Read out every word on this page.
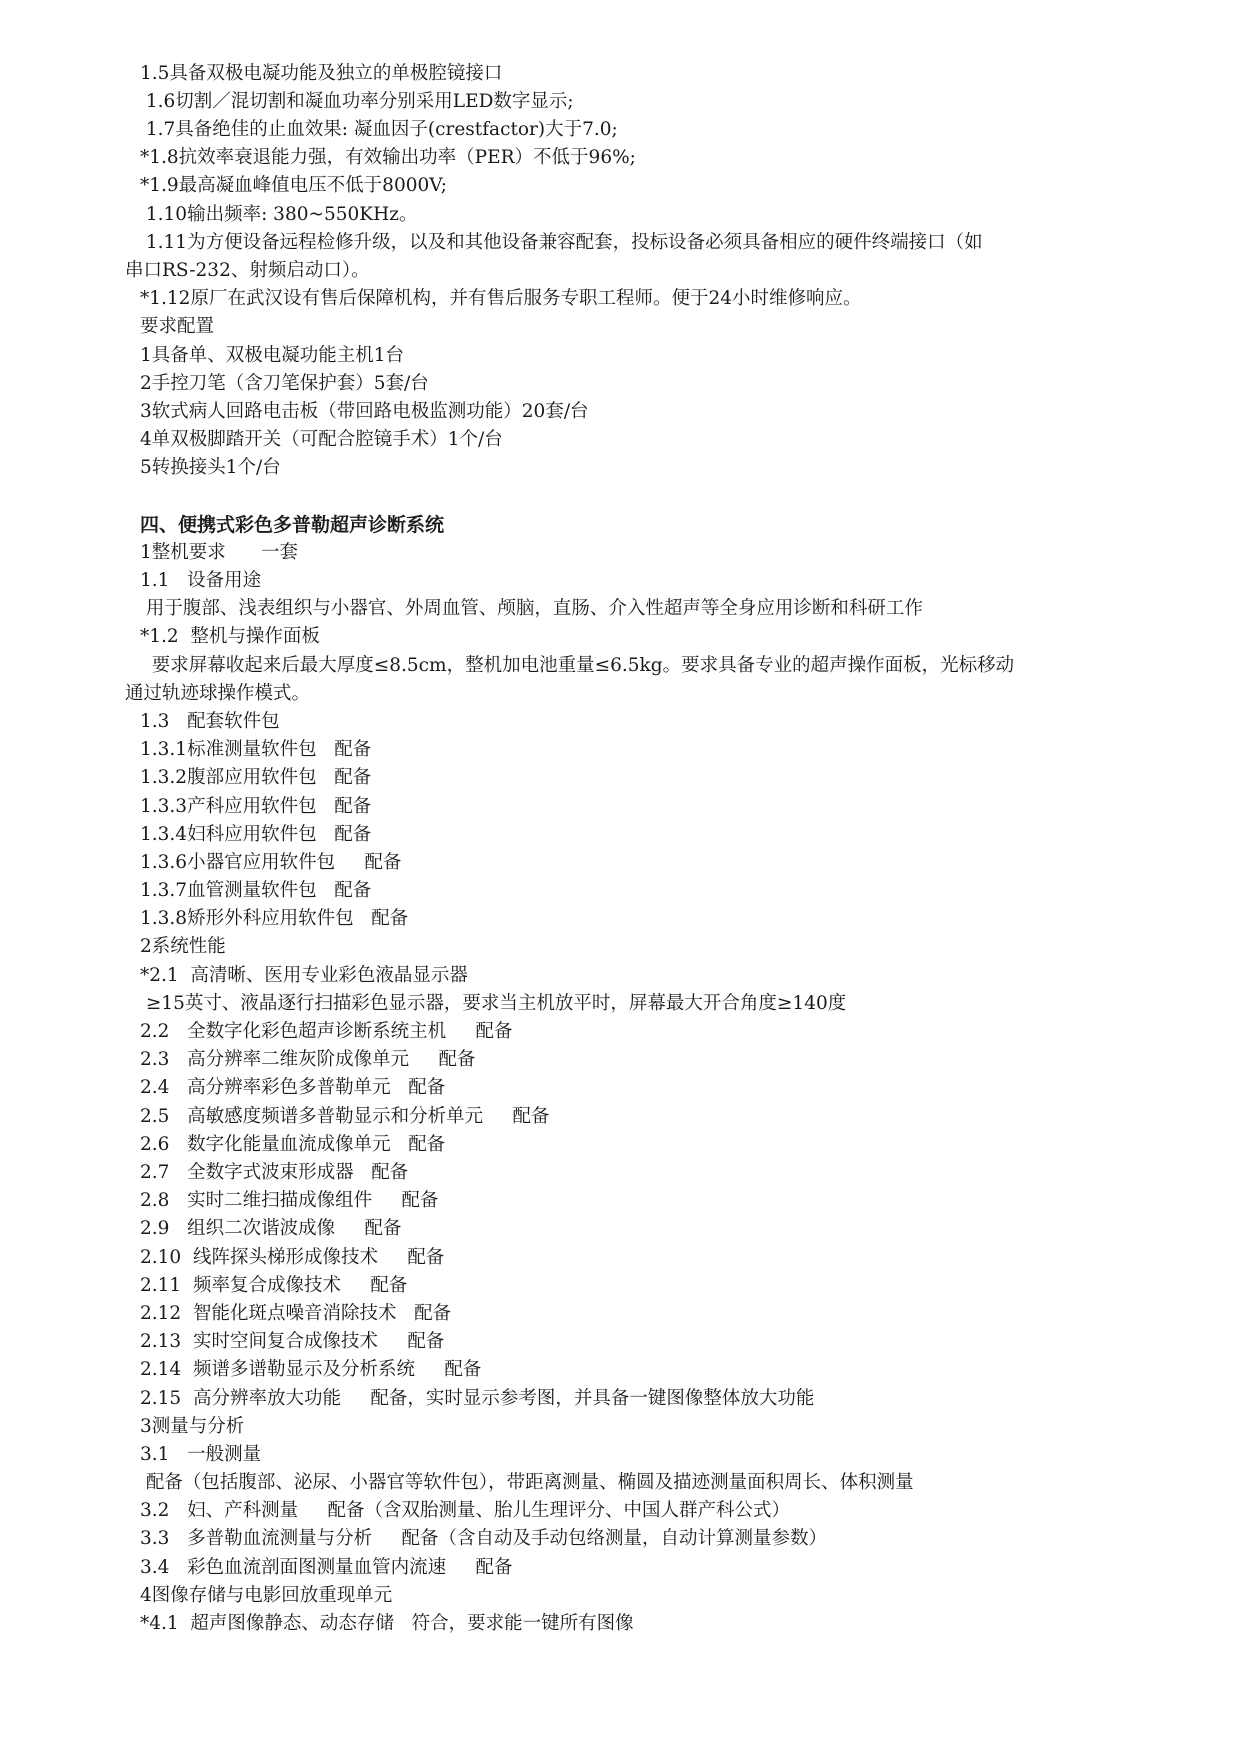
1.5具备双极电凝功能及独立的单极腔镜接口
1.6切割／混切割和凝血功率分别采用LED数字显示;
1.7具备绝佳的止血效果: 凝血因子(crestfactor)大于7.0;
*1.8抗效率衰退能力强，有效输出功率（PER）不低于96%;
*1.9最高凝血峰值电压不低于8000V;
1.10输出频率: 380~550KHz。
1.11为方便设备远程检修升级，以及和其他设备兼容配套，投标设备必须具备相应的硬件终端接口（如
串口RS-232、射频启动口）。
*1.12原厂在武汉设有售后保障机构，并有售后服务专职工程师。便于24小时维修响应。
要求配置
1具备单、双极电凝功能主机1台
2手控刀笔（含刀笔保护套）5套/台
3软式病人回路电击板（带回路电极监测功能）20套/台
4单双极脚踏开关（可配合腔镜手术）1个/台
5转换接头1个/台
四、便携式彩色多普勒超声诊断系统
1整机要求      一套
1.1   设备用途
用于腹部、浅表组织与小器官、外周血管、颅脑，直肠、介入性超声等全身应用诊断和科研工作
*1.2  整机与操作面板
要求屏幕收起来后最大厚度≤8.5cm，整机加电池重量≤6.5kg。要求具备专业的超声操作面板，光标移动
通过轨迹球操作模式。
1.3   配套软件包
1.3.1标准测量软件包   配备
1.3.2腹部应用软件包   配备
1.3.3产科应用软件包   配备
1.3.4妇科应用软件包   配备
1.3.6小器官应用软件包     配备
1.3.7血管测量软件包   配备
1.3.8矫形外科应用软件包   配备
2系统性能
*2.1  高清晰、医用专业彩色液晶显示器
≥15英寸、液晶逐行扫描彩色显示器，要求当主机放平时，屏幕最大开合角度≥140度
2.2   全数字化彩色超声诊断系统主机     配备
2.3   高分辨率二维灰阶成像单元     配备
2.4   高分辨率彩色多普勒单元   配备
2.5   高敏感度频谱多普勒显示和分析单元     配备
2.6   数字化能量血流成像单元   配备
2.7   全数字式波束形成器   配备
2.8   实时二维扫描成像组件     配备
2.9   组织二次谐波成像     配备
2.10  线阵探头梯形成像技术     配备
2.11  频率复合成像技术     配备
2.12  智能化斑点噪音消除技术   配备
2.13  实时空间复合成像技术     配备
2.14  频谱多谱勒显示及分析系统     配备
2.15  高分辨率放大功能     配备，实时显示参考图，并具备一键图像整体放大功能
3测量与分析
3.1   一般测量
配备（包括腹部、泌尿、小器官等软件包），带距离测量、椭圆及描迹测量面积周长、体积测量
3.2   妇、产科测量     配备（含双胎测量、胎儿生理评分、中国人群产科公式）
3.3   多普勒血流测量与分析     配备（含自动及手动包络测量，自动计算测量参数）
3.4   彩色血流剖面图测量血管内流速     配备
4图像存储与电影回放重现单元
*4.1  超声图像静态、动态存储   符合，要求能一键所有图像
